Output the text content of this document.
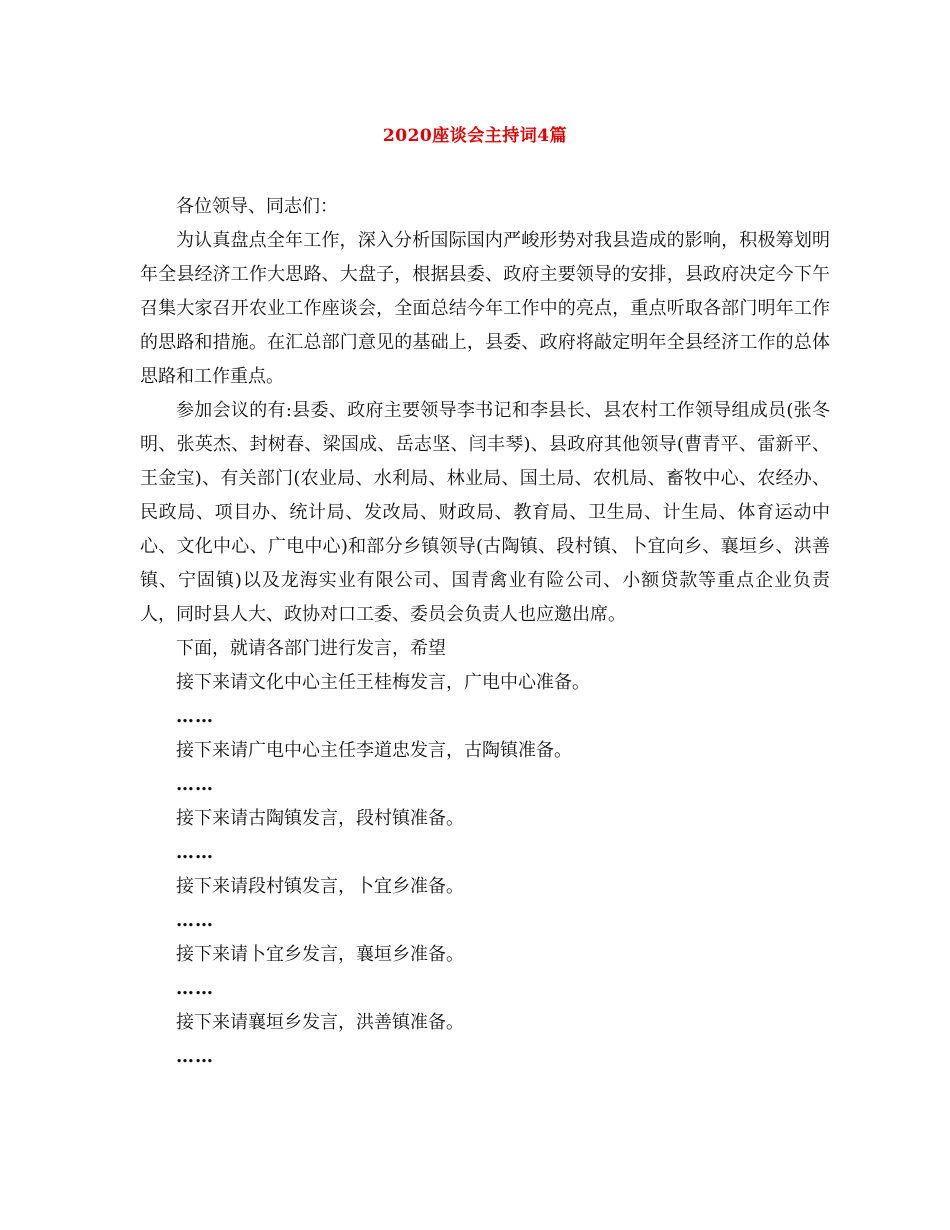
2020座谈会主持词4篇

各位领导、同志们：

为认真盘点全年工作，深入分析国际国内严峻形势对我县造成的影响，积极筹划明年全县经济工作大思路、大盘子，根据县委、政府主要领导的安排，县政府决定今下午召集大家召开农业工作座谈会，全面总结今年工作中的亮点，重点听取各部门明年工作的思路和措施。在汇总部门意见的基础上，县委、政府将敲定明年全县经济工作的总体思路和工作重点。

参加会议的有:县委、政府主要领导李书记和李县长、县农村工作领导组成员(张冬明、张英杰、封树春、梁国成、岳志坚、闫丰琴)、县政府其他领导(曹青平、雷新平、王金宝)、有关部门(农业局、水利局、林业局、国土局、农机局、畜牧中心、农经办、民政局、项目办、统计局、发改局、财政局、教育局、卫生局、计生局、体育运动中心、文化中心、广电中心)和部分乡镇领导(古陶镇、段村镇、卜宜向乡、襄垣乡、洪善镇、宁固镇)以及龙海实业有限公司、国青禽业有险公司、小额贷款等重点企业负责人，同时县人大、政协对口工委、委员会负责人也应邀出席。

下面，就请各部门进行发言，希望

接下来请文化中心主任王桂梅发言，广电中心准备。

……

接下来请广电中心主任李道忠发言，古陶镇准备。

……

接下来请古陶镇发言，段村镇准备。

……

接下来请段村镇发言，卜宜乡准备。

……

接下来请卜宜乡发言，襄垣乡准备。

……

接下来请襄垣乡发言，洪善镇准备。

……
